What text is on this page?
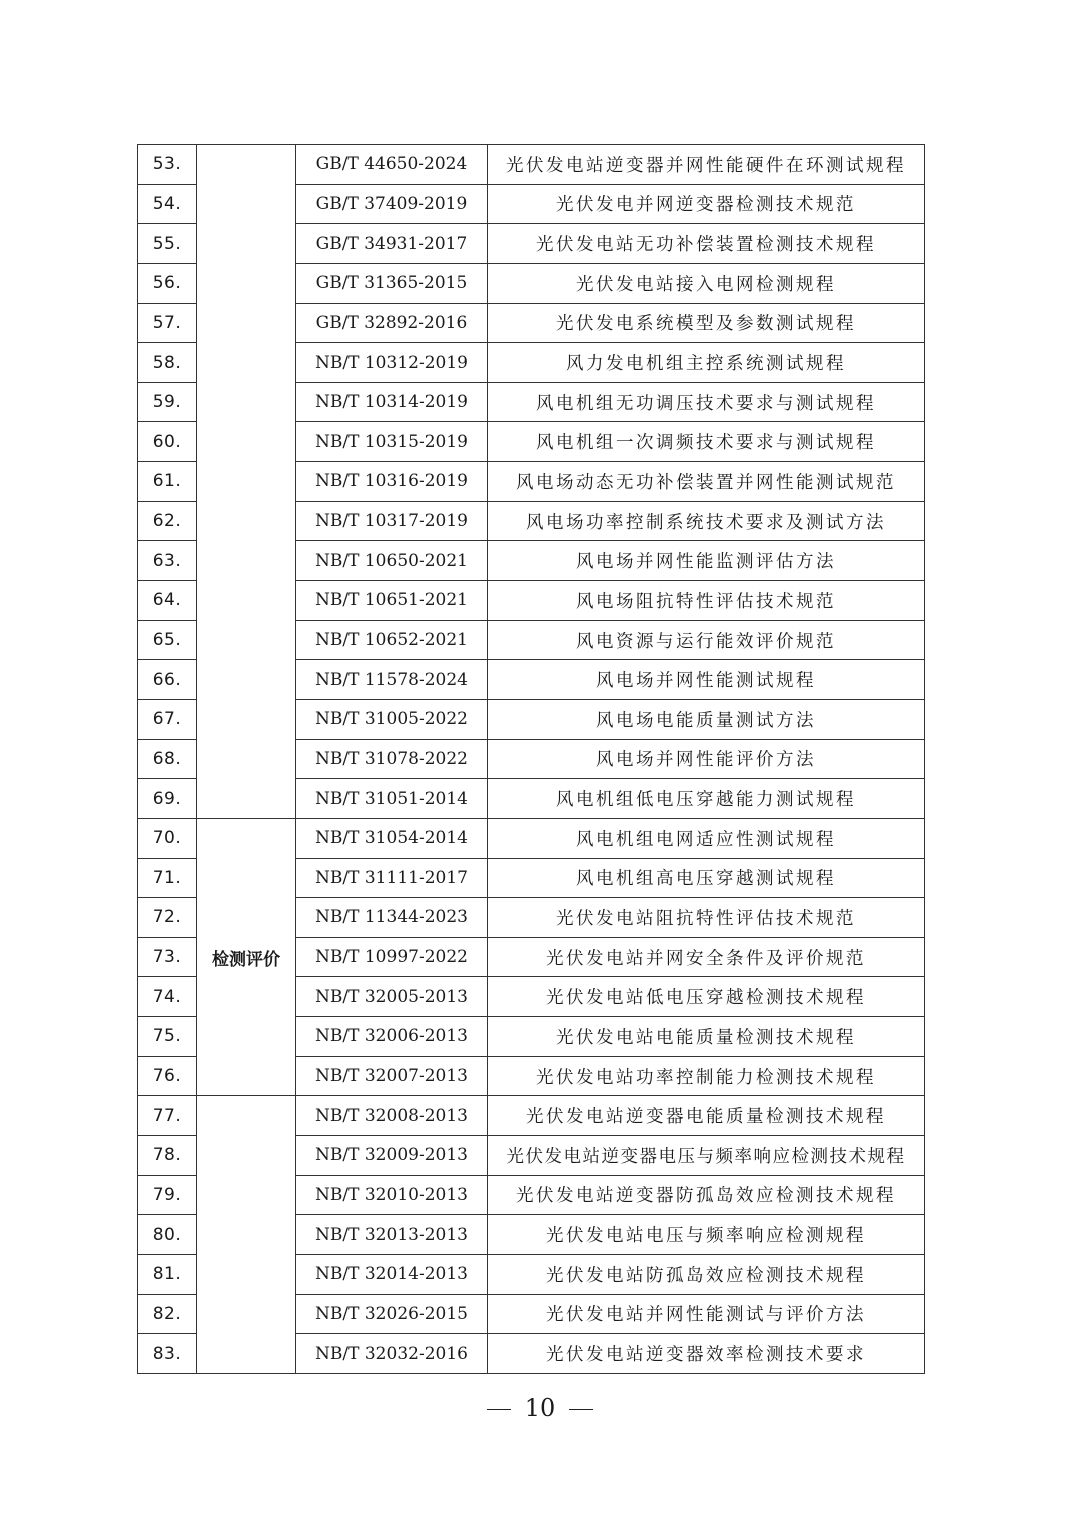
53.		GB/T 44650-2024	光伏发电站逆变器并网性能硬件在环测试规程
54.		GB/T 37409-2019	光伏发电并网逆变器检测技术规范
55.		GB/T 34931-2017	光伏发电站无功补偿装置检测技术规程
56.		GB/T 31365-2015	光伏发电站接入电网检测规程
57.		GB/T 32892-2016	光伏发电系统模型及参数测试规程
58.		NB/T 10312-2019	风力发电机组主控系统测试规程
59.		NB/T 10314-2019	风电机组无功调压技术要求与测试规程
60.		NB/T 10315-2019	风电机组一次调频技术要求与测试规程
61.		NB/T 10316-2019	风电场动态无功补偿装置并网性能测试规范
62.		NB/T 10317-2019	风电场功率控制系统技术要求及测试方法
63.		NB/T 10650-2021	风电场并网性能监测评估方法
64.		NB/T 10651-2021	风电场阻抗特性评估技术规范
65.		NB/T 10652-2021	风电资源与运行能效评价规范
66.		NB/T 11578-2024	风电场并网性能测试规程
67.		NB/T 31005-2022	风电场电能质量测试方法
68.		NB/T 31078-2022	风电场并网性能评价方法
69.		NB/T 31051-2014	风电机组低电压穿越能力测试规程
70.	检测评价	NB/T 31054-2014	风电机组电网适应性测试规程
71.		NB/T 31111-2017	风电机组高电压穿越测试规程
72.		NB/T 11344-2023	光伏发电站阻抗特性评估技术规范
73.		NB/T 10997-2022	光伏发电站并网安全条件及评价规范
74.		NB/T 32005-2013	光伏发电站低电压穿越检测技术规程
75.		NB/T 32006-2013	光伏发电站电能质量检测技术规程
76.		NB/T 32007-2013	光伏发电站功率控制能力检测技术规程
77.		NB/T 32008-2013	光伏发电站逆变器电能质量检测技术规程
78.		NB/T 32009-2013	光伏发电站逆变器电压与频率响应检测技术规程
79.		NB/T 32010-2013	光伏发电站逆变器防孤岛效应检测技术规程
80.		NB/T 32013-2013	光伏发电站电压与频率响应检测规程
81.		NB/T 32014-2013	光伏发电站防孤岛效应检测技术规程
82.		NB/T 32026-2015	光伏发电站并网性能测试与评价方法
83.		NB/T 32032-2016	光伏发电站逆变器效率检测技术要求
10
